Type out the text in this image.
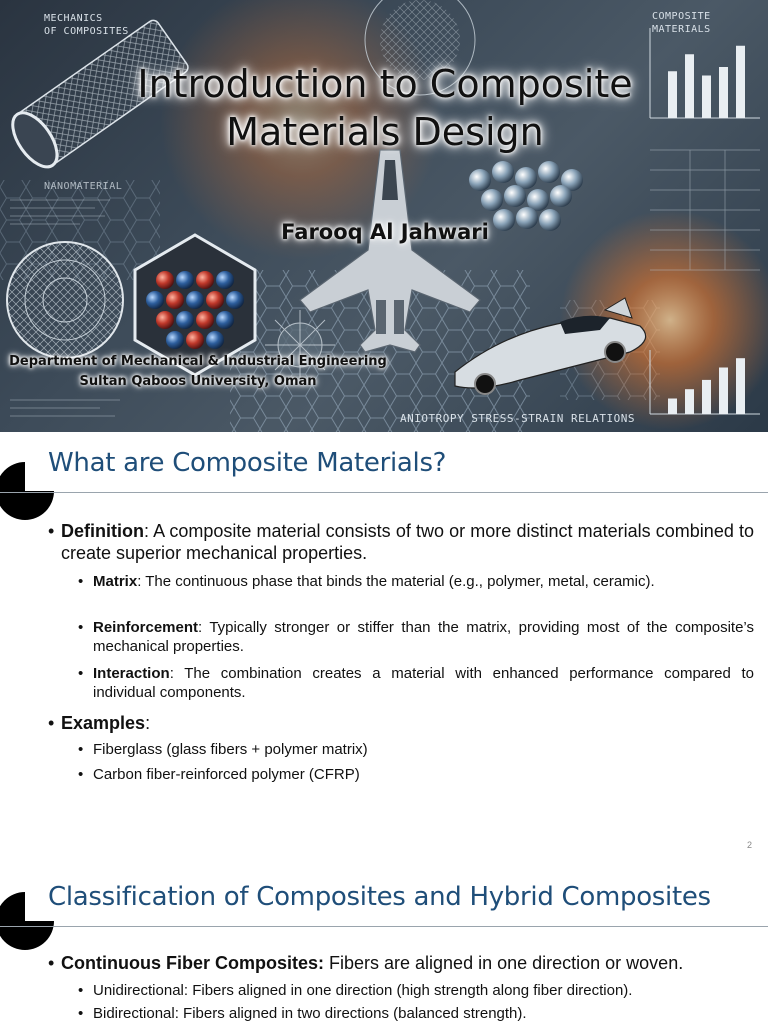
MECHANICS
OF COMPOSITES
COMPOSITE MATERIALS
NANOMATERIAL
ANIOTROPY STRESS-STRAIN RELATIONS
Introduction to Composite
Materials Design
Farooq Al Jahwari
Department of Mechanical & Industrial Engineering
Sultan Qaboos University, Oman
What are Composite Materials?
• Definition: A composite material consists of two or more distinct materials combined to create superior mechanical properties.
• Matrix: The continuous phase that binds the material (e.g., polymer, metal, ceramic).
• Reinforcement: Typically stronger or stiffer than the matrix, providing most of the composite’s mechanical properties.
• Interaction: The combination creates a material with enhanced performance compared to individual components.
• Examples:
• Fiberglass (glass fibers + polymer matrix)
• Carbon fiber-reinforced polymer (CFRP)
2
Classification of Composites and Hybrid Composites
• Continuous Fiber Composites: Fibers are aligned in one direction or woven.
• Unidirectional: Fibers aligned in one direction (high strength along fiber direction).
• Bidirectional: Fibers aligned in two directions (balanced strength).
